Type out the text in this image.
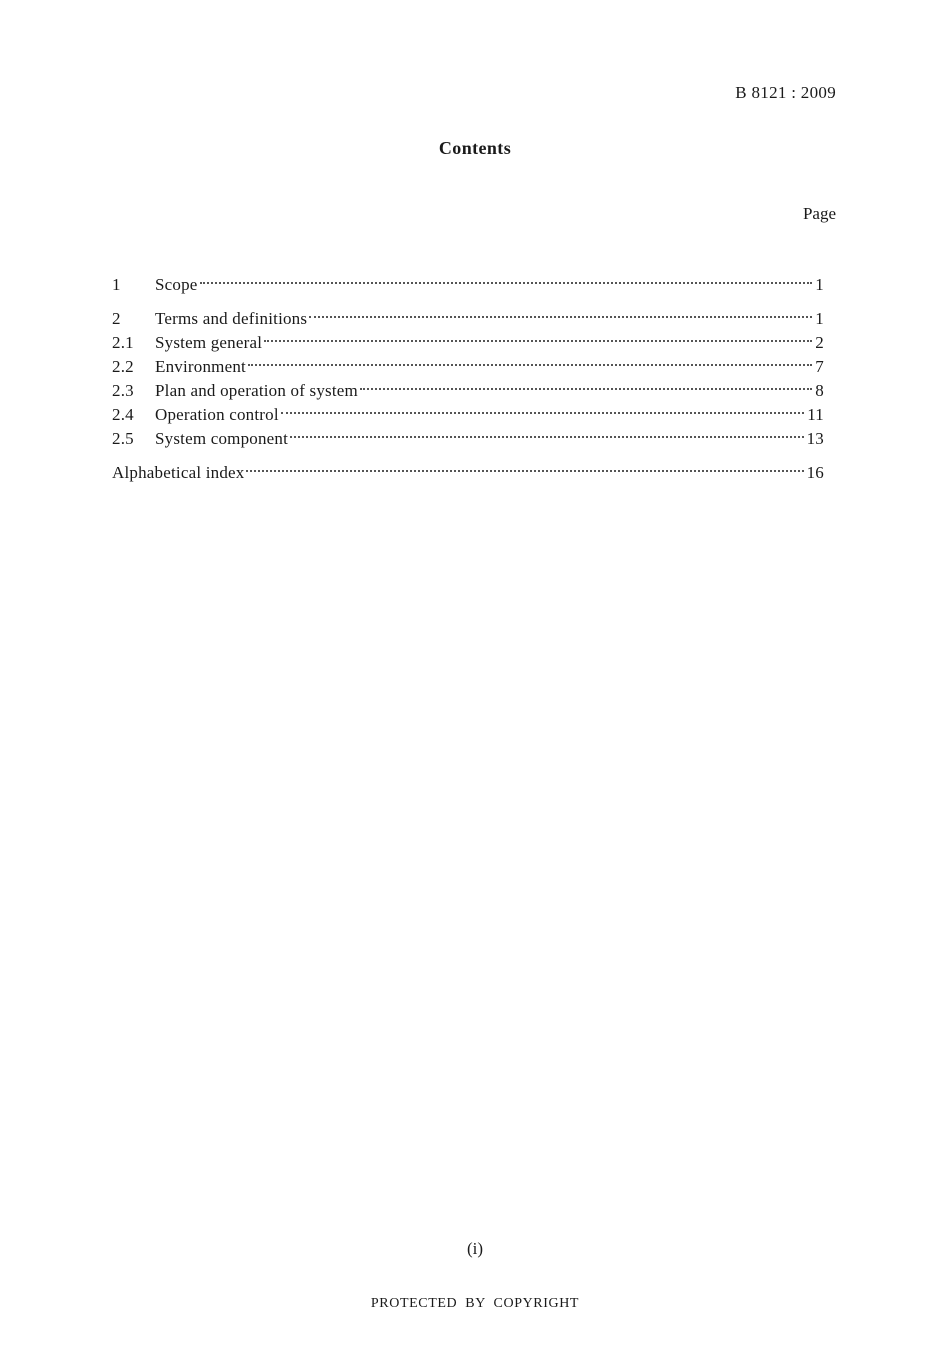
B 8121 : 2009
Contents
Page
1	Scope	1
2	Terms and definitions	1
2.1	System general	2
2.2	Environment	7
2.3	Plan and operation of system	8
2.4	Operation control	11
2.5	System component	13
Alphabetical index	16
(i)
PROTECTED BY COPYRIGHT
